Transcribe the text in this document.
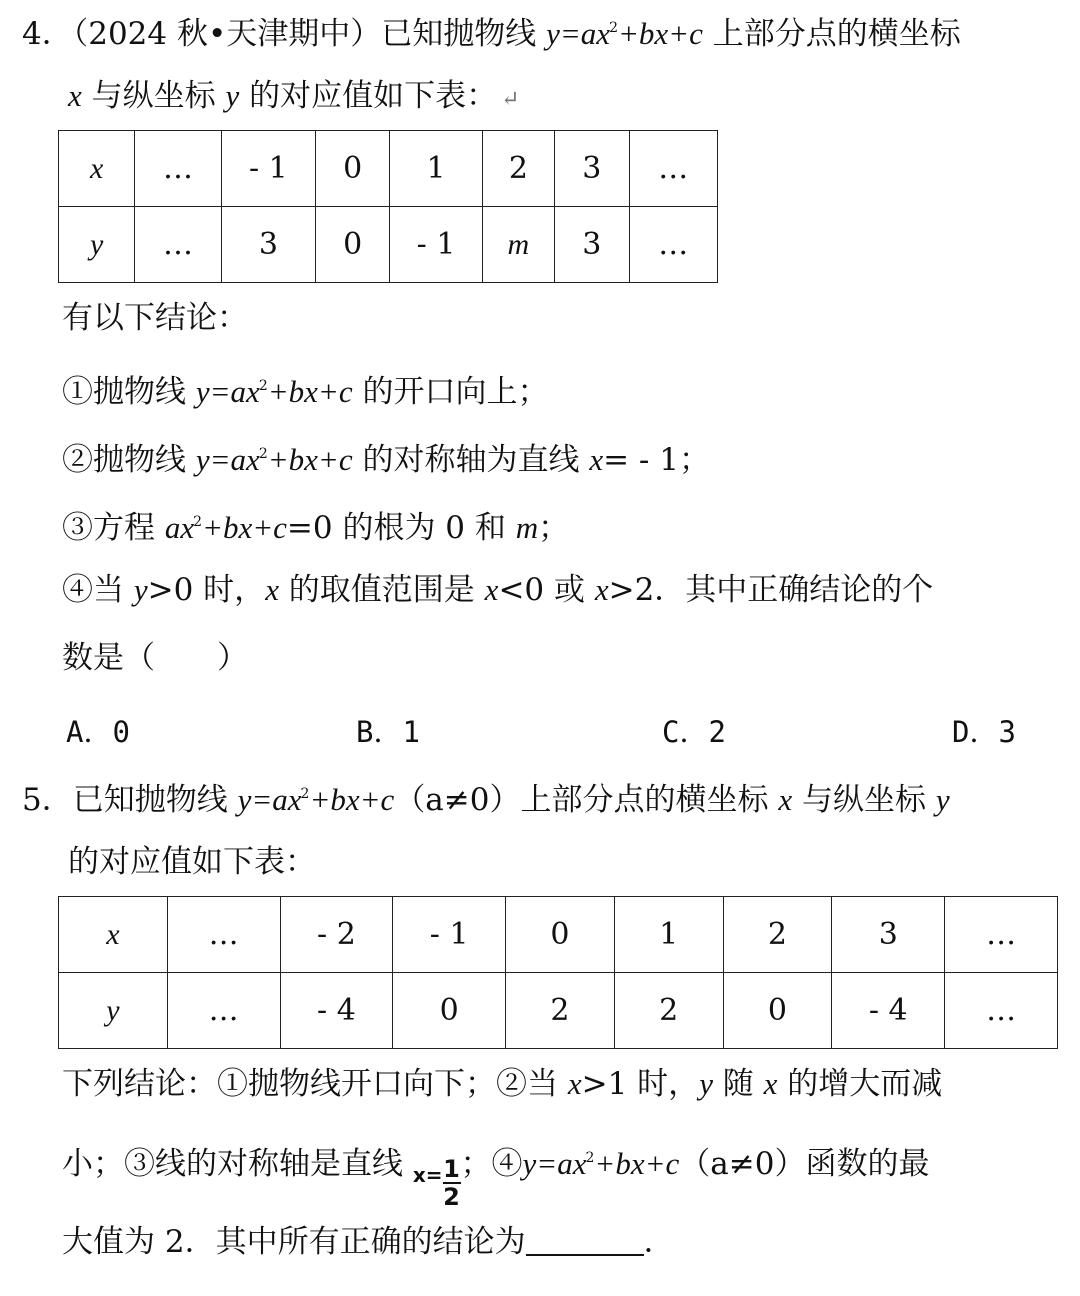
4．（2024 秋•天津期中）已知抛物线 $y=ax^2+bx+c$ 上部分点的横坐标
x 与纵坐标 y 的对应值如下表： ↵
x	…	- 1	0	1	2	3	…
y	…	3	0	- 1	m	3	…
有以下结论：
①抛物线 $y=ax^2+bx+c$ 的开口向上；
②抛物线 $y=ax^2+bx+c$ 的对称轴为直线 x= - 1；
③方程 $ax^2+bx+c=0$ 的根为 0 和 m；
④当 y>0 时，x 的取值范围是 x<0 或 x>2．其中正确结论的个
数是（　　）
A．0	B．1	C．2	D．3
5．已知抛物线 $y=ax^2+bx+c(a\ne 0)$上部分点的横坐标 x 与纵坐标 y
的对应值如下表：
x	…	- 2	- 1	0	1	2	3	…
y	…	- 4	0	2	2	0	- 4	…
下列结论：①抛物线开口向下；②当 x>1 时，y 随 x 的增大而减
小；③线的对称轴是直线 $x= \frac{1}{2}$ ；$④y=ax^2+bx+c(a\ne 0)$函数的最
大值为 2．其中所有正确的结论为	．
